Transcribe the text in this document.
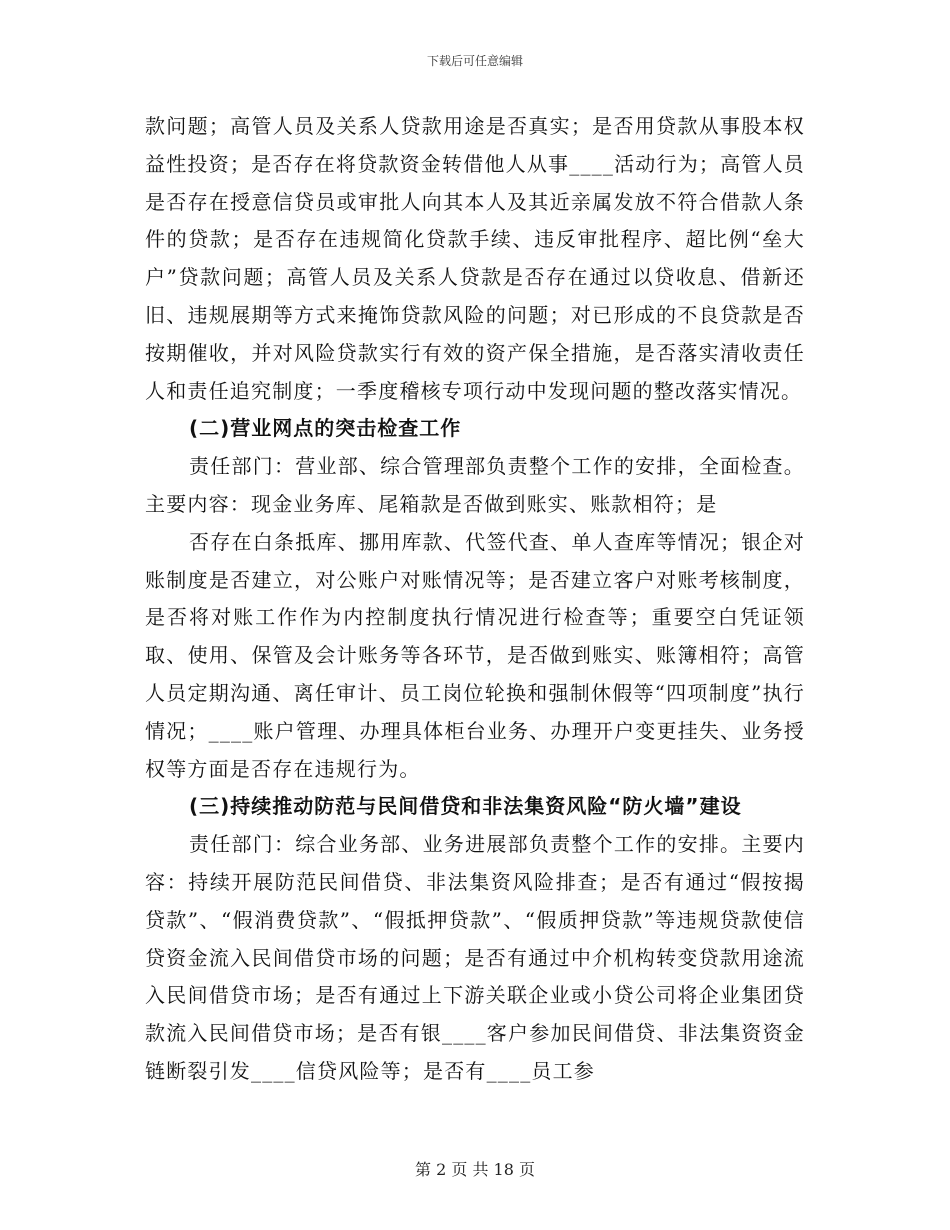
下载后可任意编辑

款问题；高管人员及关系人贷款用途是否真实；是否用贷款从事股本权益性投资；是否存在将贷款资金转借他人从事____活动行为；高管人员是否存在授意信贷员或审批人向其本人及其近亲属发放不符合借款人条件的贷款；是否存在违规简化贷款手续、违反审批程序、超比例“垒大户”贷款问题；高管人员及关系人贷款是否存在通过以贷收息、借新还旧、违规展期等方式来掩饰贷款风险的问题；对已形成的不良贷款是否按期催收，并对风险贷款实行有效的资产保全措施，是否落实清收责任人和责任追究制度；一季度稽核专项行动中发现问题的整改落实情况。

(二)营业网点的突击检查工作

责任部门：营业部、综合管理部负责整个工作的安排，全面检查。主要内容：现金业务库、尾箱款是否做到账实、账款相符；是

否存在白条抵库、挪用库款、代签代查、单人查库等情况；银企对账制度是否建立，对公账户对账情况等；是否建立客户对账考核制度，是否将对账工作作为内控制度执行情况进行检查等；重要空白凭证领取、使用、保管及会计账务等各环节，是否做到账实、账簿相符；高管人员定期沟通、离任审计、员工岗位轮换和强制休假等“四项制度”执行情况；____账户管理、办理具体柜台业务、办理开户变更挂失、业务授权等方面是否存在违规行为。

(三)持续推动防范与民间借贷和非法集资风险“防火墙”建设

责任部门：综合业务部、业务进展部负责整个工作的安排。主要内容：持续开展防范民间借贷、非法集资风险排查；是否有通过“假按揭贷款”、“假消费贷款”、“假抵押贷款”、“假质押贷款”等违规贷款使信贷资金流入民间借贷市场的问题；是否有通过中介机构转变贷款用途流入民间借贷市场；是否有通过上下游关联企业或小贷公司将企业集团贷款流入民间借贷市场；是否有银____客户参加民间借贷、非法集资资金链断裂引发____信贷风险等；是否有____员工参

第 2 页 共 18 页
